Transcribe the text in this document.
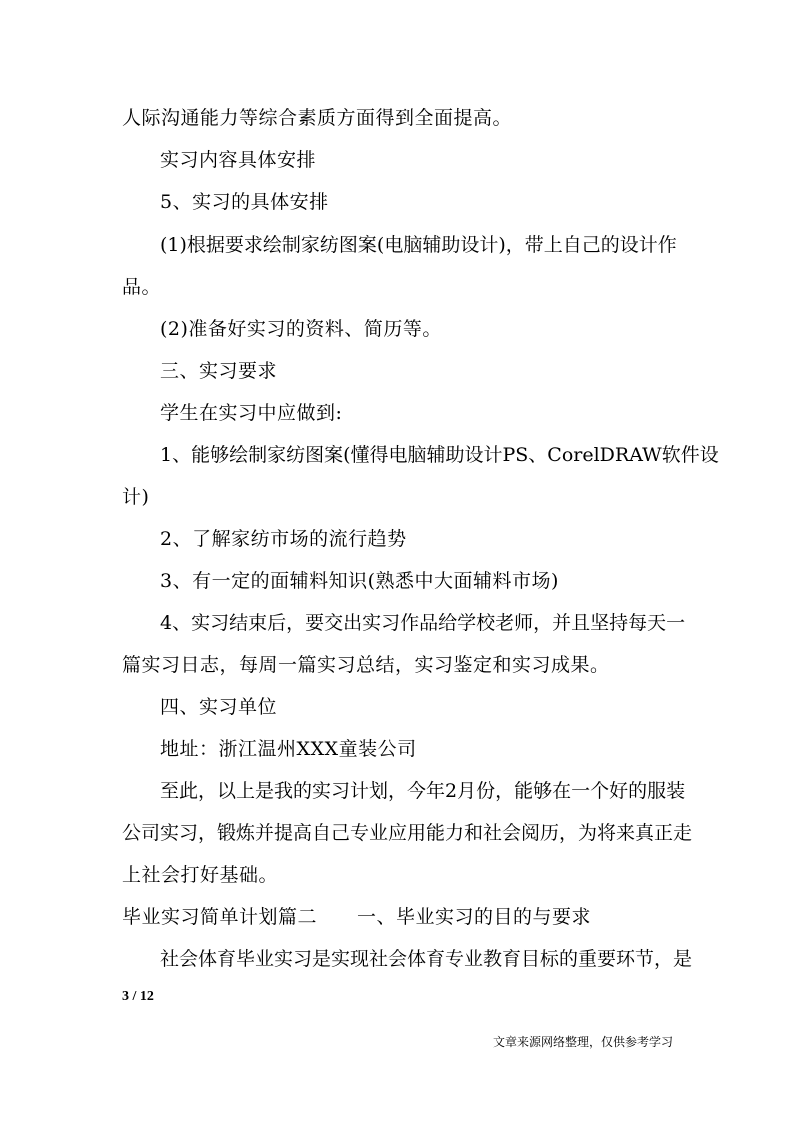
人际沟通能力等综合素质方面得到全面提高。
实习内容具体安排
5、实习的具体安排
(1)根据要求绘制家纺图案(电脑辅助设计)，带上自己的设计作
品。
(2)准备好实习的资料、简历等。
三、实习要求
学生在实习中应做到:
1、能够绘制家纺图案(懂得电脑辅助设计PS、CorelDRAW软件设
计)
2、了解家纺市场的流行趋势
3、有一定的面辅料知识(熟悉中大面辅料市场)
4、实习结束后，要交出实习作品给学校老师，并且坚持每天一
篇实习日志，每周一篇实习总结，实习鉴定和实习成果。
四、实习单位
地址：浙江温州XXX童装公司
至此，以上是我的实习计划，今年2月份，能够在一个好的服装
公司实习，锻炼并提高自己专业应用能力和社会阅历，为将来真正走
上社会打好基础。
毕业实习简单计划篇二 一、毕业实习的目的与要求
社会体育毕业实习是实现社会体育专业教育目标的重要环节，是
3 / 12
文章来源网络整理，仅供参考学习
